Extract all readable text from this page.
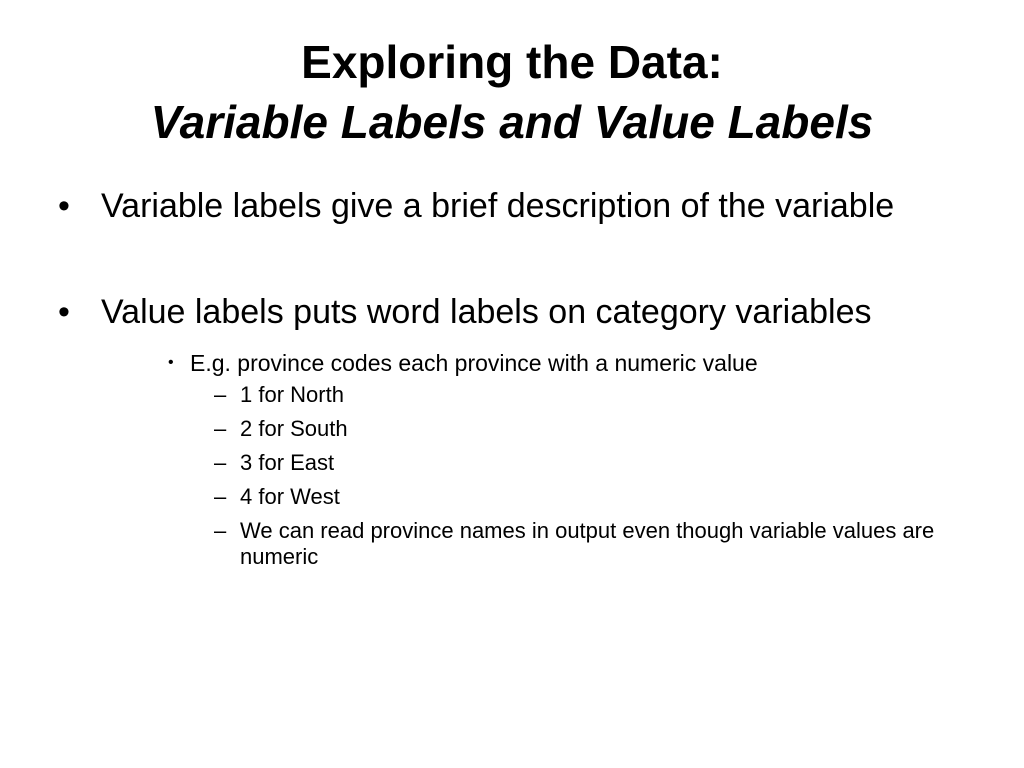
Exploring the Data:
Variable Labels and Value Labels
• Variable labels give a brief description of the variable
• Value labels puts word labels on category variables
• E.g. province codes each province with a numeric value
– 1 for North
– 2 for South
– 3 for East
– 4 for West
– We can read province names in output even though variable values are numeric
